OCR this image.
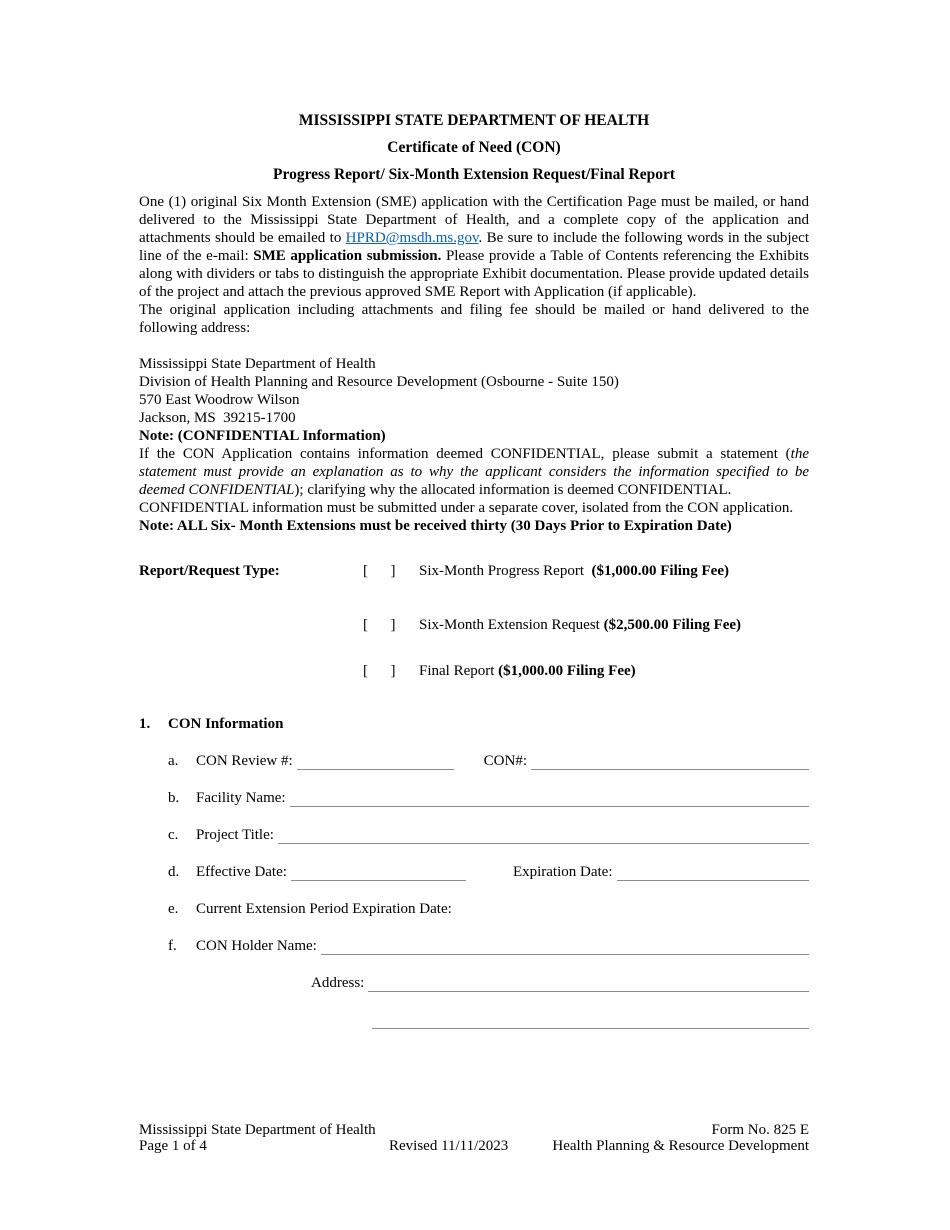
MISSISSIPPI STATE DEPARTMENT OF HEALTH
Certificate of Need (CON)
Progress Report/ Six-Month Extension Request/Final Report

One (1) original Six Month Extension (SME) application with the Certification Page must be mailed, or hand delivered to the Mississippi State Department of Health, and a complete copy of the application and attachments should be emailed to HPRD@msdh.ms.gov. Be sure to include the following words in the subject line of the e-mail: SME application submission. Please provide a Table of Contents referencing the Exhibits along with dividers or tabs to distinguish the appropriate Exhibit documentation. Please provide updated details of the project and attach the previous approved SME Report with Application (if applicable).

The original application including attachments and filing fee should be mailed or hand delivered to the following address:

Mississippi State Department of Health
Division of Health Planning and Resource Development (Osbourne - Suite 150)
570 East Woodrow Wilson
Jackson, MS  39215-1700

Note: (CONFIDENTIAL Information)

If the CON Application contains information deemed CONFIDENTIAL, please submit a statement (the statement must provide an explanation as to why the applicant considers the information specified to be deemed CONFIDENTIAL); clarifying why the allocated information is deemed CONFIDENTIAL.

CONFIDENTIAL information must be submitted under a separate cover, isolated from the CON application.

Note: ALL Six- Month Extensions must be received thirty (30 Days Prior to Expiration Date)

Report/Request Type:	[      ]	Six-Month Progress Report  ($1,000.00 Filing Fee)
[      ]	Six-Month Extension Request ($2,500.00 Filing Fee)
[      ]	Final Report ($1,000.00 Filing Fee)
1.	CON Information
a.	CON Review #:	CON#:
b.	Facility Name:
c.	Project Title:
d.	Effective Date:	Expiration Date:
e.	Current Extension Period Expiration Date:
f.	CON Holder Name:
Address:
Mississippi State Department of Health
Page 1 of 4	Revised 11/11/2023
Form No. 825 E
Health Planning & Resource Development
